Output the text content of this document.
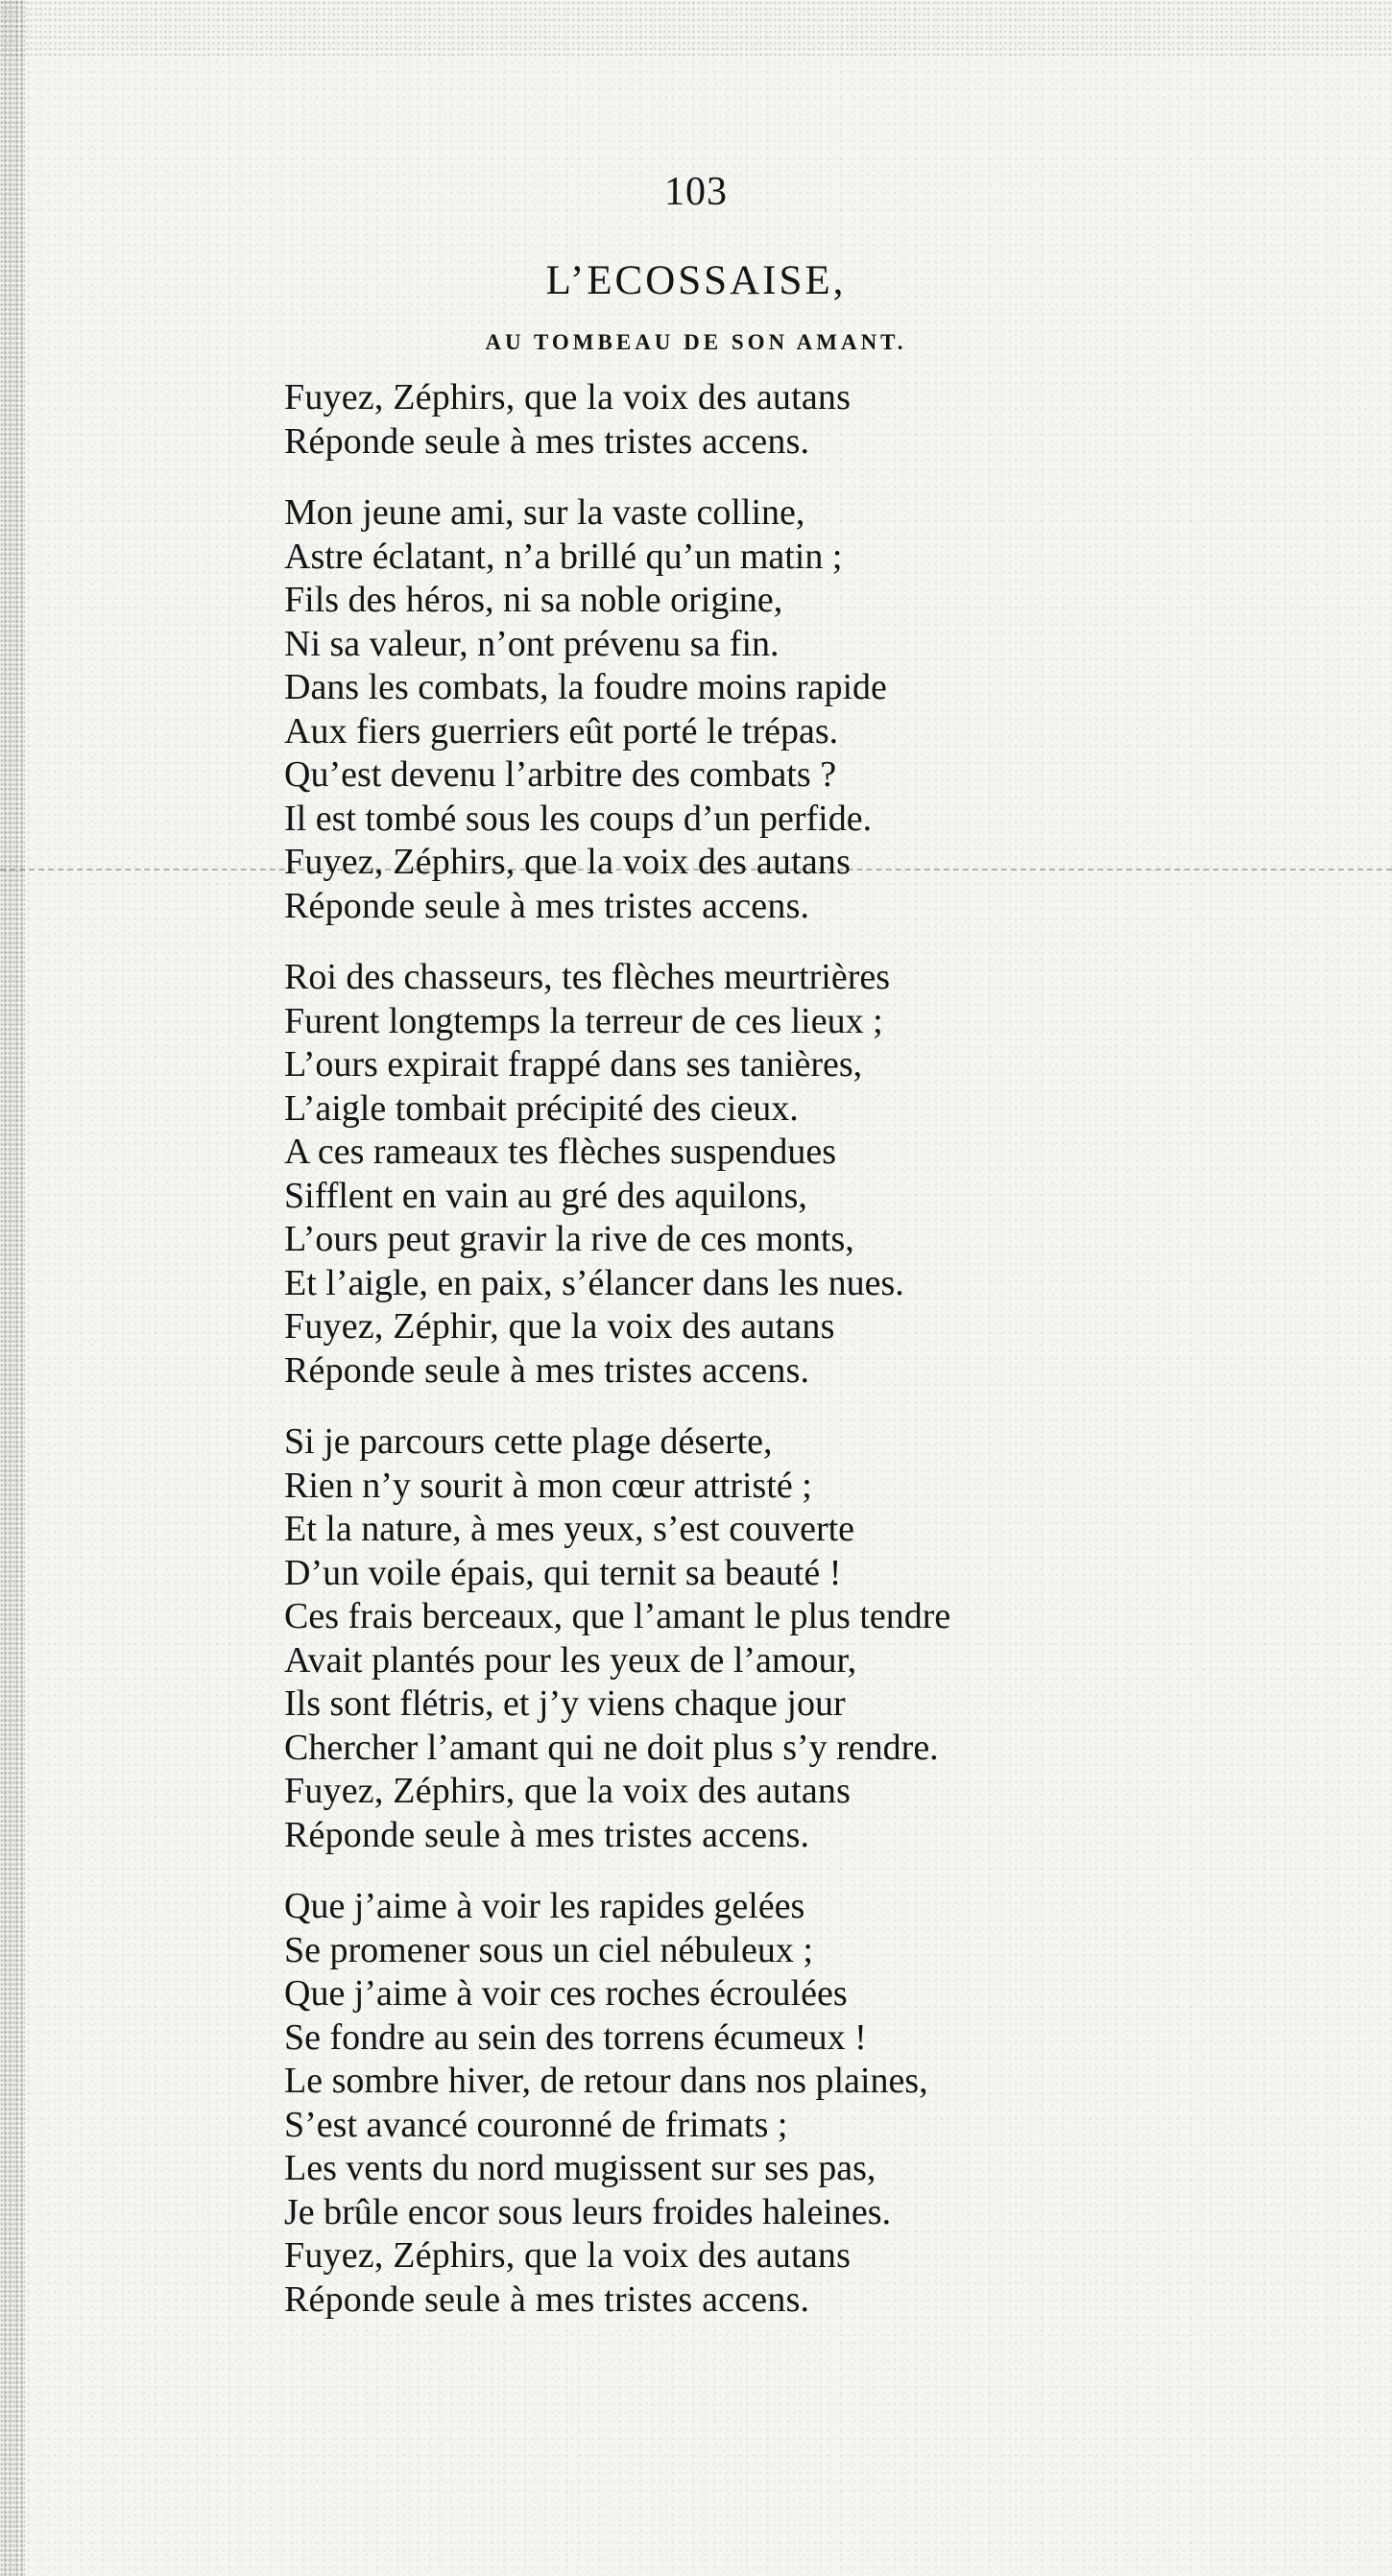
103
L’ECOSSAISE,
AU TOMBEAU DE SON AMANT.
Fuyez, Zéphirs, que la voix des autans
Réponde seule à mes tristes accens.
Mon jeune ami, sur la vaste colline,
Astre éclatant, n’a brillé qu’un matin ;
Fils des héros, ni sa noble origine,
Ni sa valeur, n’ont prévenu sa fin.
Dans les combats, la foudre moins rapide
Aux fiers guerriers eût porté le trépas.
Qu’est devenu l’arbitre des combats ?
Il est tombé sous les coups d’un perfide.
Fuyez, Zéphirs, que la voix des autans
Réponde seule à mes tristes accens.
Roi des chasseurs, tes flèches meurtrières
Furent longtemps la terreur de ces lieux ;
L’ours expirait frappé dans ses tanières,
L’aigle tombait précipité des cieux.
A ces rameaux tes flèches suspendues
Sifflent en vain au gré des aquilons,
L’ours peut gravir la rive de ces monts,
Et l’aigle, en paix, s’élancer dans les nues.
Fuyez, Zéphir, que la voix des autans
Réponde seule à mes tristes accens.
Si je parcours cette plage déserte,
Rien n’y sourit à mon cœur attristé ;
Et la nature, à mes yeux, s’est couverte
D’un voile épais, qui ternit sa beauté !
Ces frais berceaux, que l’amant le plus tendre
Avait plantés pour les yeux de l’amour,
Ils sont flétris, et j’y viens chaque jour
Chercher l’amant qui ne doit plus s’y rendre.
Fuyez, Zéphirs, que la voix des autans
Réponde seule à mes tristes accens.
Que j’aime à voir les rapides gelées
Se promener sous un ciel nébuleux ;
Que j’aime à voir ces roches écroulées
Se fondre au sein des torrens écumeux !
Le sombre hiver, de retour dans nos plaines,
S’est avancé couronné de frimats ;
Les vents du nord mugissent sur ses pas,
Je brûle encor sous leurs froides haleines.
Fuyez, Zéphirs, que la voix des autans
Réponde seule à mes tristes accens.
